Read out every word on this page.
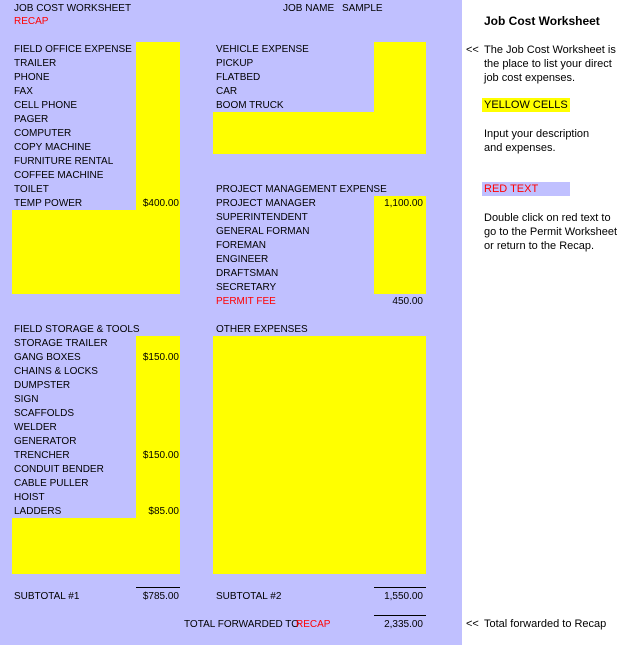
JOB COST WORKSHEET
RECAP
JOB NAME SAMPLE
FIELD OFFICE EXPENSE
TRAILER
PHONE
FAX
CELL PHONE
PAGER
COMPUTER
COPY MACHINE
FURNITURE RENTAL
COFFEE MACHINE
TOILET
TEMP POWER	$400.00
VEHICLE EXPENSE
PICKUP
FLATBED
CAR
BOOM TRUCK
PROJECT MANAGEMENT EXPENSE
PROJECT MANAGER	1,100.00
SUPERINTENDENT
GENERAL FORMAN
FOREMAN
ENGINEER
DRAFTSMAN
SECRETARY
PERMIT FEE	450.00
FIELD STORAGE & TOOLS
STORAGE TRAILER
GANG BOXES	$150.00
CHAINS & LOCKS
DUMPSTER
SIGN
SCAFFOLDS
WELDER
GENERATOR
TRENCHER	$150.00
CONDUIT BENDER
CABLE PULLER
HOIST
LADDERS	$85.00
OTHER EXPENSES
SUBTOTAL #1	$785.00	SUBTOTAL #2	1,550.00
TOTAL FORWARDED TO
RECAP	2,335.00
Job Cost Worksheet
<< The Job Cost Worksheet is
the place to list your direct
job cost expenses.
YELLOW CELLS
Input your description
and expenses.
RED TEXT
Double click on red text to
go to the Permit Worksheet
or return to the Recap.
<< Total forwarded to Recap
